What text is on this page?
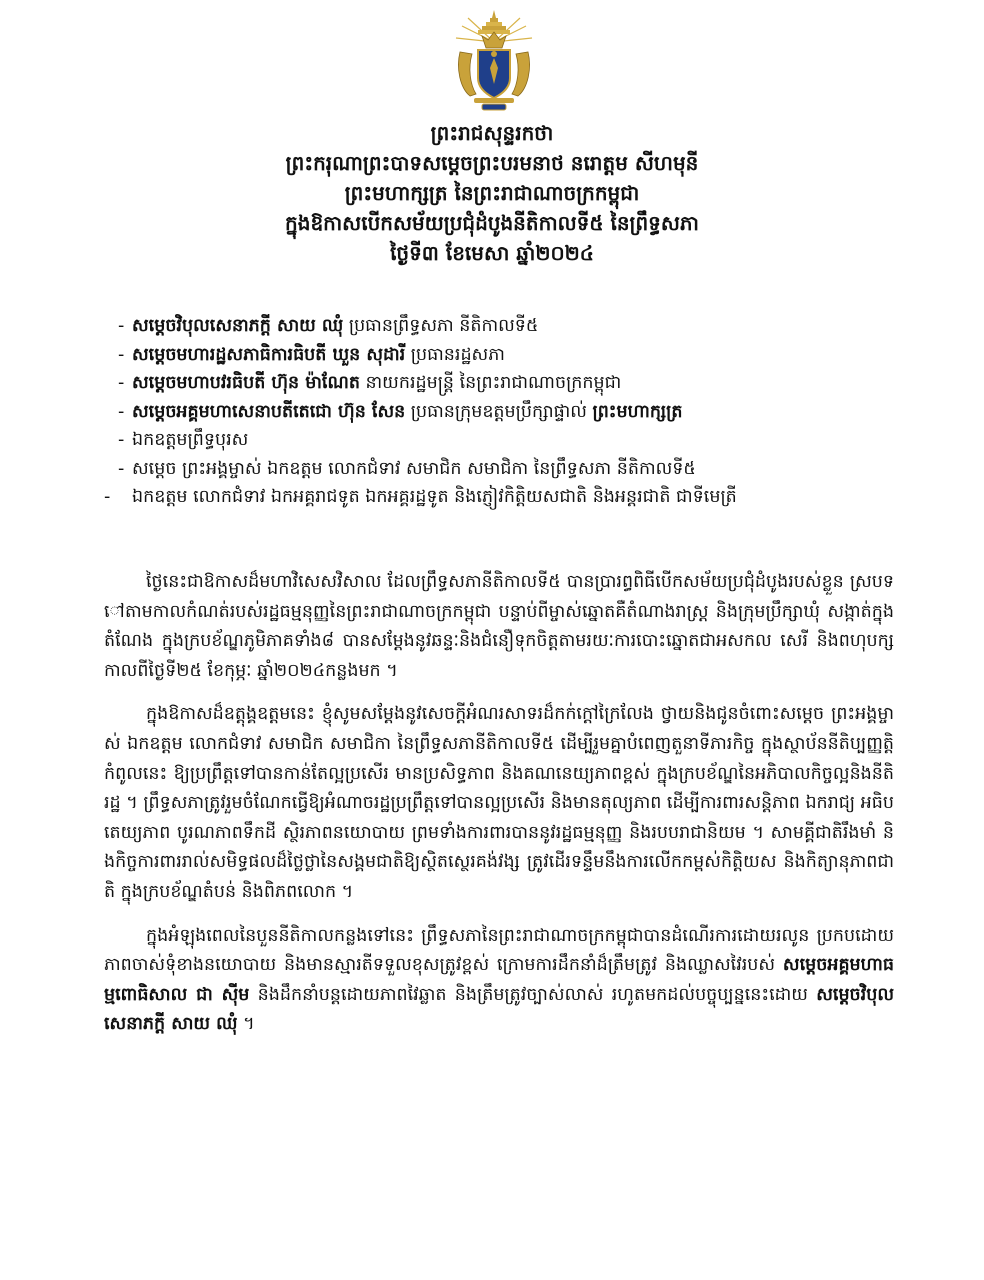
ព្រះរាជសុន្ទរកថា
ព្រះករុណាព្រះបាទសម្តេចព្រះបរមនាថ នរោត្តម សីហមុនី
ព្រះមហាក្សត្រ នៃព្រះរាជាណាចក្រកម្ពុជា
ក្នុងឱកាសបើកសម័យប្រជុំដំបូងនីតិកាលទី៥ នៃព្រឹទ្ធសភា
ថ្ងៃទី៣ ខែមេសា ឆ្នាំ២០២៤
- សម្តេចវិបុលសេនាភក្តី សាយ ឈុំ ប្រធានព្រឹទ្ធសភា នីតិកាលទី៥
- សម្តេចមហារដ្ឋសភាធិការធិបតី ឃួន សុដារី ប្រធានរដ្ឋសភា
- សម្តេចមហាបវរធិបតី ហ៊ុន ម៉ាណែត នាយករដ្ឋមន្ត្រី នៃព្រះរាជាណាចក្រកម្ពុជា
- សម្តេចអគ្គមហាសេនាបតីតេជោ ហ៊ុន សែន ប្រធានក្រុមឧត្តមប្រឹក្សាផ្ទាល់ ព្រះមហាក្សត្រ
- ឯកឧត្តមព្រឹទ្ធបុរស
- សម្តេច ព្រះអង្គម្ចាស់ ឯកឧត្តម លោកជំទាវ សមាជិក សមាជិកា នៃព្រឹទ្ធសភា នីតិកាលទី៥
- ឯកឧត្តម លោកជំទាវ ឯកអគ្គរាជទូត ឯកអគ្គរដ្ឋទូត និងភ្ញៀវកិត្តិយសជាតិ និងអន្តរជាតិ ជាទីមេត្រី

ថ្ងៃនេះជាឱកាសដ៏មហាវិសេសវិសាល ដែលព្រឹទ្ធសភានីតិកាលទី៥ បានប្រារព្ធពិធីបើកសម័យប្រជុំដំបូងរបស់ខ្លួន ស្របទៅតាមកាលកំណត់របស់រដ្ឋធម្មនុញ្ញនៃព្រះរាជាណាចក្រកម្ពុជា បន្ទាប់ពីម្ចាស់ឆ្នោតគឺតំណាងរាស្ត្រ និងក្រុមប្រឹក្សាឃុំ សង្កាត់ក្នុងតំណែង ក្នុងក្របខ័ណ្ឌភូមិភាគទាំង៨ បានសម្តែងនូវឆន្ទៈនិងជំនឿទុកចិត្តតាមរយៈការបោះឆ្នោតជាអសកល សេរី និងពហុបក្ស កាលពីថ្ងៃទី២៥ ខែកុម្ភៈ ឆ្នាំ២០២៤កន្លងមក ។

ក្នុងឱកាសដ៏ឧត្តុង្គឧត្តមនេះ ខ្ញុំសូមសម្តែងនូវសេចក្តីអំណរសាទរដ៏កក់ក្តៅក្រៃលែង ថ្វាយនិងជូនចំពោះសម្តេច ព្រះអង្គម្ចាស់ ឯកឧត្តម លោកជំទាវ សមាជិក សមាជិកា នៃព្រឹទ្ធសភានីតិកាលទី៥ ដើម្បីរួមគ្នាបំពេញតួនាទីភារកិច្ច ក្នុងស្ថាប័ននីតិប្បញ្ញត្តិកំពូលនេះ ឱ្យប្រព្រឹត្តទៅបានកាន់តែល្អប្រសើរ មានប្រសិទ្ធភាព និងគណនេយ្យភាពខ្ពស់ ក្នុងក្របខ័ណ្ឌនៃអភិបាលកិច្ចល្អនិងនីតិរដ្ឋ ។ ព្រឹទ្ធសភាត្រូវរួមចំណែកធ្វើឱ្យអំណាចរដ្ឋប្រព្រឹត្តទៅបានល្អប្រសើរ និងមានតុល្យភាព ដើម្បីការពារសន្តិភាព ឯករាជ្យ អធិបតេយ្យភាព បូរណភាពទឹកដី ស្ថិរភាពនយោបាយ ព្រមទាំងការពារបាននូវរដ្ឋធម្មនុញ្ញ និងរបបរាជានិយម ។ សាមគ្គីជាតិរឹងមាំ និងកិច្ចការពាររាល់សមិទ្ធផលដ៏ថ្លៃថ្លានៃសង្គមជាតិឱ្យស្ថិតស្ថេរគង់វង្ស ត្រូវដើរទន្ទឹមនឹងការលើកកម្ពស់កិត្តិយស និងកិត្យានុភាពជាតិ ក្នុងក្របខ័ណ្ឌតំបន់ និងពិភពលោក ។

ក្នុងអំឡុងពេលនៃបួននីតិកាលកន្លងទៅនេះ ព្រឹទ្ធសភានៃព្រះរាជាណាចក្រកម្ពុជាបានដំណើរការដោយរលូន ប្រកបដោយភាពចាស់ទុំខាងនយោបាយ និងមានស្មារតីទទួលខុសត្រូវខ្ពស់ ក្រោមការដឹកនាំដ៏ត្រឹមត្រូវ និងឈ្លាសវៃរបស់ សម្តេចអគ្គមហាធម្មពោធិសាល ជា ស៊ីម និងដឹកនាំបន្តដោយភាពវៃឆ្លាត និងត្រឹមត្រូវច្បាស់លាស់ រហូតមកដល់បច្ចុប្បន្ននេះដោយ សម្តេចវិបុលសេនាភក្តី សាយ ឈុំ ។
